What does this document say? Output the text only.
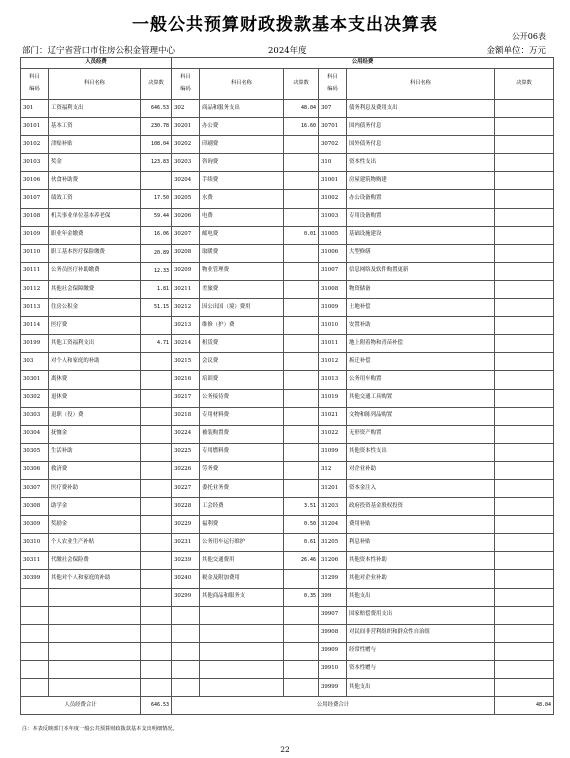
一般公共预算财政拨款基本支出决算表
公开06表
部门：辽宁省营口市住房公积金管理中心	2024年度	金额单位：万元
人员经费			公用经费					
科目

编码	科目名称	决算数	科目

编码	科目名称	决算数	科目

编码	科目名称	决算数
301	工资福利支出	646.53	302	商品和服务支出	48.04	307	债务利息及费用支出	
30101	基本工资	230.78	30201	办公费	16.60	30701	国内债务付息	
30102	津贴补贴	108.04	30202	印刷费		30702	国外债务付息	
30103	奖金	123.83	30203	咨询费		310	资本性支出	
30106	伙食补助费		30204	手续费		31001	房屋建筑物购建	
30107	绩效工资	17.50	30205	水费		31002	办公设备购置	
30108	机关事业单位基本养老保	59.44	30206	电费		31003	专用设备购置	
30109	职业年金缴费	16.06	30207	邮电费	0.01	31005	基础设施建设	
30110	职工基本医疗保险缴费	20.89	30208	取暖费		31006	大型修缮	
30111	公务员医疗补助缴费	12.33	30209	物业管理费		31007	信息网络及软件购置更新	
30112	其他社会保障缴费	1.81	30211	差旅费		31008	物资储备	
30113	住房公积金	51.15	30212	因公出国（境）费用		31009	土地补偿	
30114	医疗费		30213	维修（护）费		31010	安置补助	
30199	其他工资福利支出	4.71	30214	租赁费		31011	地上附着物和青苗补偿	
303	对个人和家庭的补助		30215	会议费		31012	拆迁补偿	
30301	离休费		30216	培训费		31013	公务用车购置	
30302	退休费		30217	公务接待费		31019	其他交通工具购置	
30303	退职（役）费		30218	专用材料费		31021	文物和陈列品购置	
30304	抚恤金		30224	被装购置费		31022	无形资产购置	
30305	生活补助		30225	专用燃料费		31099	其他资本性支出	
30306	救济费		30226	劳务费		312	对企业补助	
30307	医疗费补助		30227	委托业务费		31201	资本金注入	
30308	助学金		30228	工会经费	3.51	31203	政府投资基金股权投资	
30309	奖励金		30229	福利费	0.50	31204	费用补贴	
30310	个人农业生产补贴		30231	公务用车运行维护	0.61	31205	利息补贴	
30311	代缴社会保险费		30239	其他交通费用	26.46	31206	其他资本性补助	
30399	其他对个人和家庭的补助		30240	税金及附加费用		31299	其他对企业补助	
			30299	其他商品和服务支	0.35	399	其他支出	
						39907	国家赔偿费用支出	
						39908	对民间非营利组织和群众性自治组	
						39909	经常性赠与	
						39910	资本性赠与	
						39999	其他支出	
人员经费合计		646.53	公用经费合计					48.04
注：本表反映部门本年度一般公共预算财政拨款基本支出明细情况。
22
